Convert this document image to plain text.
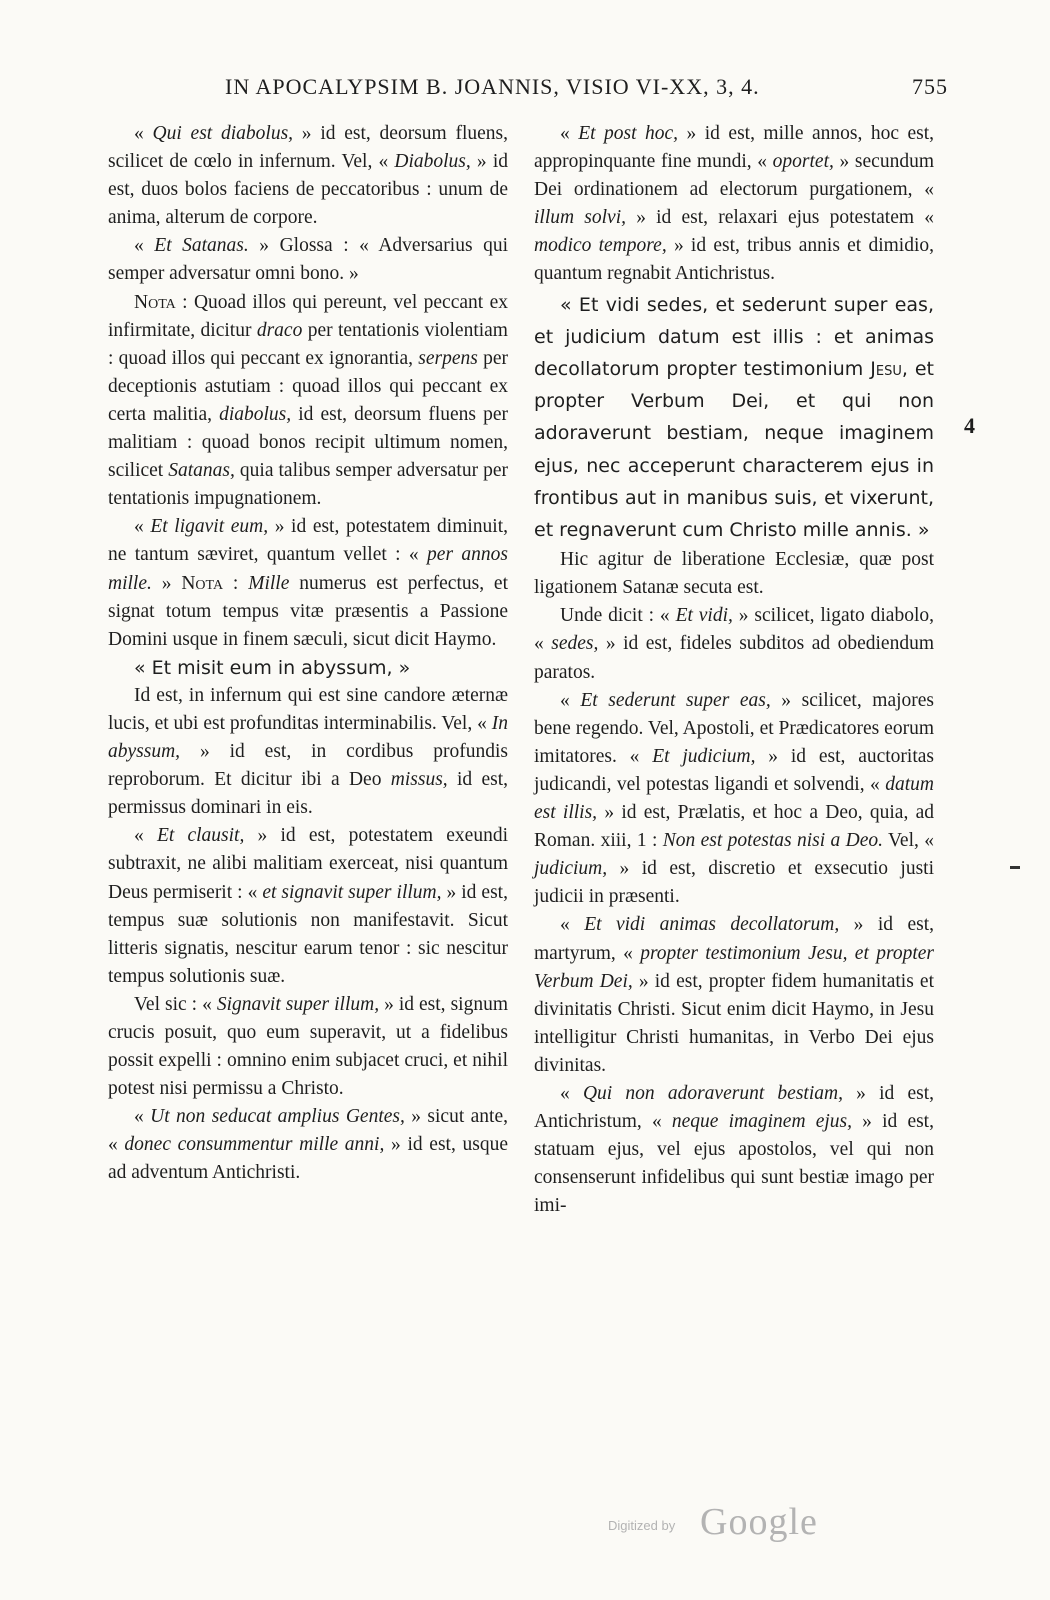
IN APOCALYPSIM B. JOANNIS, VISIO VI-XX, 3, 4.	755

« Qui est diabolus, » id est, deorsum fluens, scilicet de cœlo in infernum. Vel, « Diabolus, » id est, duos bolos faciens de peccatoribus : unum de anima, alterum de corpore.

« Et Satanas. » Glossa : « Adversarius qui semper adversatur omni bono. »

Nota : Quoad illos qui pereunt, vel peccant ex infirmitate, dicitur draco per tentationis violentiam : quoad illos qui peccant ex ignorantia, serpens per deceptionis astutiam : quoad illos qui peccant ex certa malitia, diabolus, id est, deorsum fluens per malitiam : quoad bonos recipit ultimum nomen, scilicet Satanas, quia talibus semper adversatur per tentationis impugnationem.

« Et ligavit eum, » id est, potestatem diminuit, ne tantum sæviret, quantum vellet : « per annos mille. » Nota : Mille numerus est perfectus, et signat totum tempus vitæ præsentis a Passione Domini usque in finem sæculi, sicut dicit Haymo.

« Et misit eum in abyssum, »

Id est, in infernum qui est sine candore æternæ lucis, et ubi est profunditas interminabilis. Vel, « In abyssum, » id est, in cordibus profundis reproborum. Et dicitur ibi a Deo missus, id est, permissus dominari in eis.

« Et clausit, » id est, potestatem exeundi subtraxit, ne alibi malitiam exerceat, nisi quantum Deus permiserit : « et signavit super illum, » id est, tempus suæ solutionis non manifestavit. Sicut litteris signatis, nescitur earum tenor : sic nescitur tempus solutionis suæ.

Vel sic : « Signavit super illum, » id est, signum crucis posuit, quo eum superavit, ut a fidelibus possit expelli : omnino enim subjacet cruci, et nihil potest nisi permissu a Christo.

« Ut non seducat amplius Gentes, » sicut ante, « donec consummentur mille anni, » id est, usque ad adventum Antichristi.

« Et post hoc, » id est, mille annos, hoc est, appropinquante fine mundi, « oportet, » secundum Dei ordinationem ad electorum purgationem, « illum solvi, » id est, relaxari ejus potestatem « modico tempore, » id est, tribus annis et dimidio, quantum regnabit Antichristus.

« Et vidi sedes, et sederunt super eas, et judicium datum est illis : et animas decollatorum propter testimonium Jesu, et propter Verbum Dei, et qui non adoraverunt bestiam, neque imaginem ejus, nec acceperunt characterem ejus in frontibus aut in manibus suis, et vixerunt, et regnaverunt cum Christo mille annis. »

Hic agitur de liberatione Ecclesiæ, quæ post ligationem Satanæ secuta est.

Unde dicit : « Et vidi, » scilicet, ligato diabolo, « sedes, » id est, fideles subditos ad obediendum paratos.

« Et sederunt super eas, » scilicet, majores bene regendo. Vel, Apostoli, et Prædicatores eorum imitatores. « Et judicium, » id est, auctoritas judicandi, vel potestas ligandi et solvendi, « datum est illis, » id est, Prælatis, et hoc a Deo, quia, ad Roman. xiii, 1 : Non est potestas nisi a Deo. Vel, « judicium, » id est, discretio et exsecutio justi judicii in præsenti.

« Et vidi animas decollatorum, » id est, martyrum, « propter testimonium Jesu, et propter Verbum Dei, » id est, propter fidem humanitatis et divinitatis Christi. Sicut enim dicit Haymo, in Jesu intelligitur Christi humanitas, in Verbo Dei ejus divinitas.

« Qui non adoraverunt bestiam, » id est, Antichristum, « neque imaginem ejus, » id est, statuam ejus, vel ejus apostolos, vel qui non consenserunt infidelibus qui sunt bestiæ imago per imi-

4
Digitized by Google
